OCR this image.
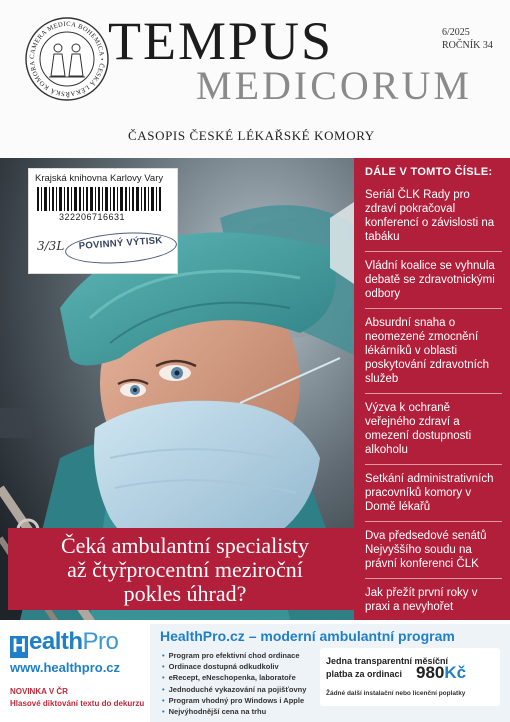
CAMERA MEDICA BOHEMICA • ČESKÁ LÉKAŘSKÁ KOMORA	TEMPUS
MEDICORUM
6/2025
ROČNÍK 34
ČASOPIS ČESKÉ LÉKAŘSKÉ KOMORY
Krajská knihovna Karlovy Vary
322206716631
3/3L	POVINNÝ VÝTISK
Čeká ambulantní specialisty
až čtyřprocentní meziroční
pokles úhrad?
DÁLE V TOMTO ČÍSLE:
Seriál ČLK Rady pro zdraví pokračoval konferencí o závislosti na tabáku
Vládní koalice se vyhnula debatě se zdravotnickými odbory
Absurdní snaha o neomezené zmocnění lékárníků v oblasti poskytování zdravotních služeb
Výzva k ochraně veřejného zdraví a omezení dostupnosti alkoholu
Setkání administrativních pracovníků komory v Domě lékařů
Dva předsedové senátů Nejvyššího soudu na právní konferenci ČLK
Jak přežít první roky v praxi a nevyhořet
H ealthPro
www.healthpro.cz
NOVINKA V ČR
Hlasové diktování textu do dekurzu
HealthPro.cz – moderní ambulantní program
• Program pro efektivní chod ordinace
• Ordinace dostupná odkudkoliv
• eRecept, eNeschopenka, laboratoře
• Jednoduché vykazování na pojišťovny
• Program vhodný pro Windows i Apple
• Nejvýhodnější cena na trhu
Jedna transparentní měsíční
platba za ordinaci 980Kč
Žádné další instalační nebo licenční poplatky
